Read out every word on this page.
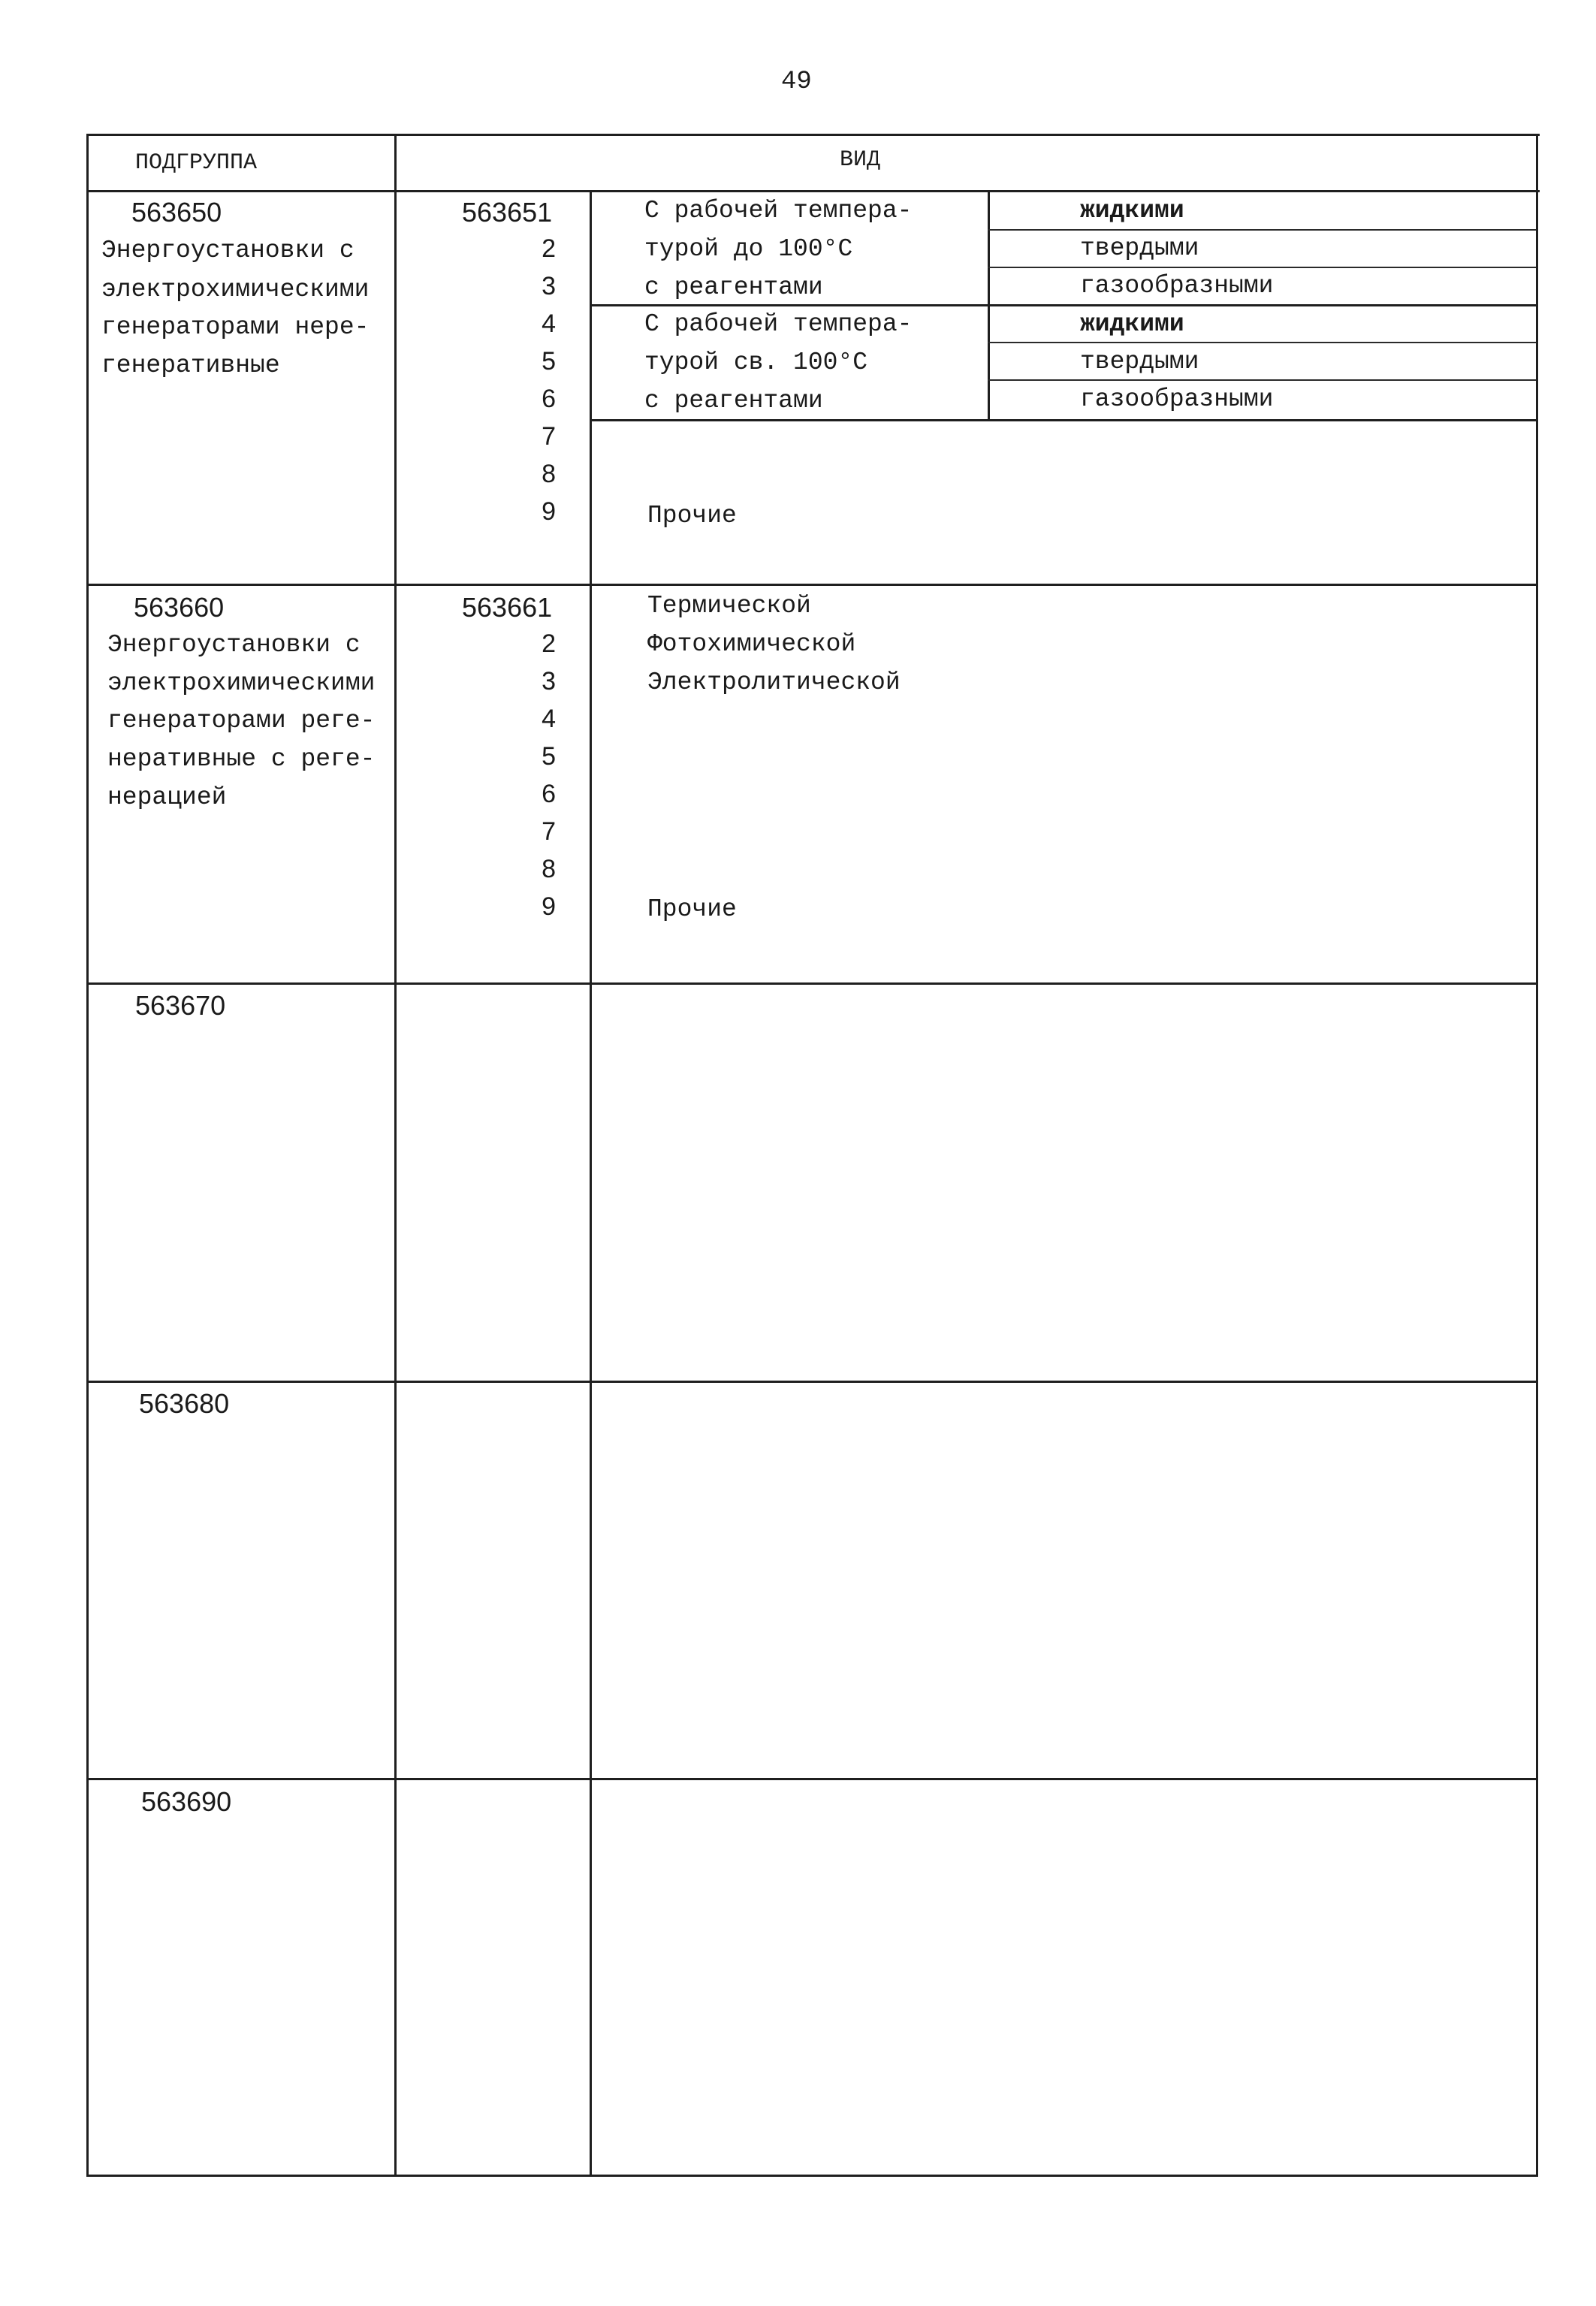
49
ПОДГРУППА	ВИД
563650
Энергоустановки с
электрохимическими
генераторами нере-
генеративные
563651
2
3
4
5
6
7
8
9
С рабочей темпера-
турой до 100°С
с реагентами
жидкими
твердыми
газообразными
С рабочей темпера-
турой св. 100°С
с реагентами
жидкими
твердыми
газообразными
Прочие
563660
Энергоустановки с
электрохимическими
генераторами реге-
неративные с реге-
нерацией
563661
2
3
4
5
6
7
8
9
Термической
Фотохимической
Электролитической
Прочие
563670
563680
563690
